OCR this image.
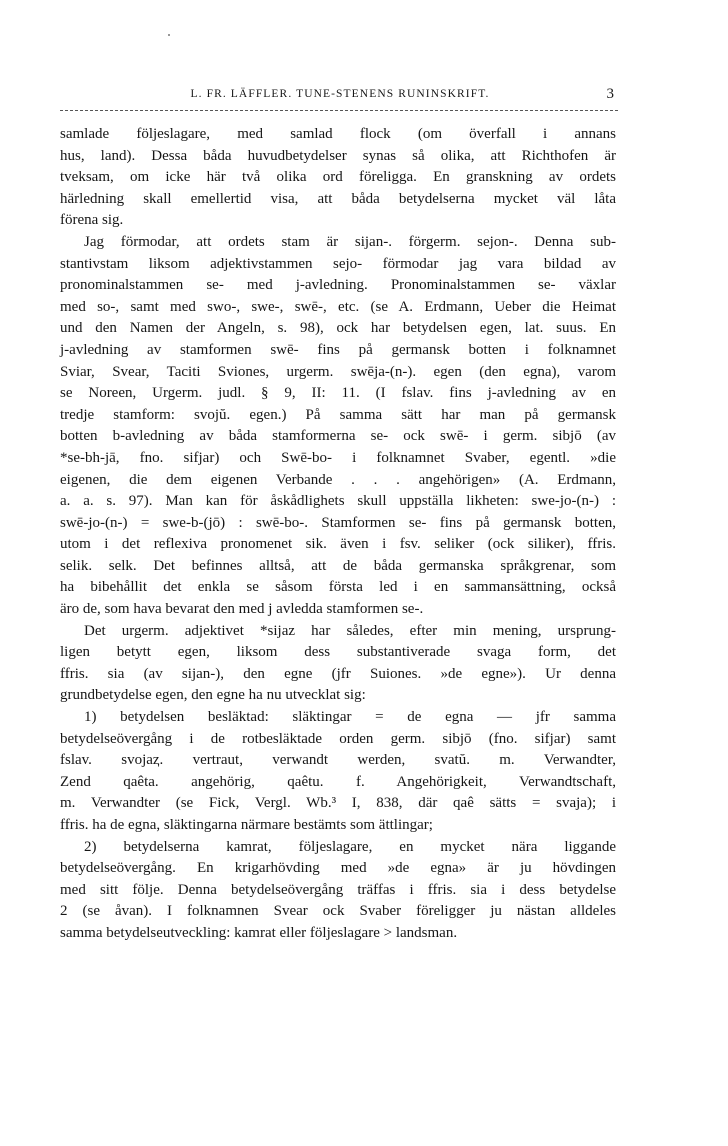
L. FR. LÄFFLER. TUNE-STENENS RUNINSKRIFT.	3
samlade följeslagare, med samlad flock (om överfall i annans
hus, land). Dessa båda huvudbetydelser synas så olika, att Richthofen är
tveksam, om icke här två olika ord föreligga. En granskning av ordets
härledning skall emellertid visa, att båda betydelserna mycket väl låta
förena sig.
Jag förmodar, att ordets stam är sijan-. förgerm. sejon-. Denna sub-
stantivstam liksom adjektivstammen sejo- förmodar jag vara bildad av
pronominalstammen se- med j-avledning. Pronominalstammen se- växlar
med so-, samt med swo-, swe-, swē-, etc. (se A. Erdmann, Ueber die Heimat
und den Namen der Angeln, s. 98), ock har betydelsen egen, lat. suus. En
j-avledning av stamformen swē- fins på germansk botten i folknamnet
Sviar, Svear, Taciti Sviones, urgerm. swēja-(n-). egen (den egna), varom
se Noreen, Urgerm. judl. § 9, II: 11. (I fslav. fins j-avledning av en
tredje stamform: svojŭ. egen.) På samma sätt har man på germansk
botten b-avledning av båda stamformerna se- ock swē- i germ. sibjō (av
*se-bh-jā, fno. sifjar) och Swē-bo- i folknamnet Svaber, egentl. »die
eigenen, die dem eigenen Verbande . . . angehörigen» (A. Erdmann,
a. a. s. 97). Man kan för åskådlighets skull uppställa likheten: swe-jo-(n-) :
swē-jo-(n-) = swe-b-(jō) : swē-bo-. Stamformen se- fins på germansk botten,
utom i det reflexiva pronomenet sik. även i fsv. seliker (ock siliker), ffris.
selik. selk. Det befinnes alltså, att de båda germanska språkgrenar, som
ha bibehållit det enkla se såsom första led i en sammansättning, också
äro de, som hava bevarat den med j avledda stamformen se-.
Det urgerm. adjektivet *sijaz har således, efter min mening, ursprung-
ligen betytt egen, liksom dess substantiverade svaga form, det
ffris. sia (av sijan-), den egne (jfr Suiones. »de egne»). Ur denna
grundbetydelse egen, den egne ha nu utvecklat sig:
1) betydelsen besläktad: släktingar = de egna — jfr samma
betydelseövergång i de rotbesläktade orden germ. sibjō (fno. sifjar) samt
fslav. svojaⱬ. vertraut, verwandt werden, svatŭ. m. Verwandter,
Zend qaêta. angehörig, qaêtu. f. Angehörigkeit, Verwandtschaft,
m. Verwandter (se Fick, Vergl. Wb.³ I, 838, där qaê sätts = svaja); i
ffris. ha de egna, släktingarna närmare bestämts som ättlingar;
2) betydelserna kamrat, följeslagare, en mycket nära liggande
betydelseövergång. En krigarhövding med »de egna» är ju hövdingen
med sitt följe. Denna betydelseövergång träffas i ffris. sia i dess betydelse
2 (se åvan). I folknamnen Svear ock Svaber föreligger ju nästan alldeles
samma betydelseutveckling: kamrat eller följeslagare > landsman.
